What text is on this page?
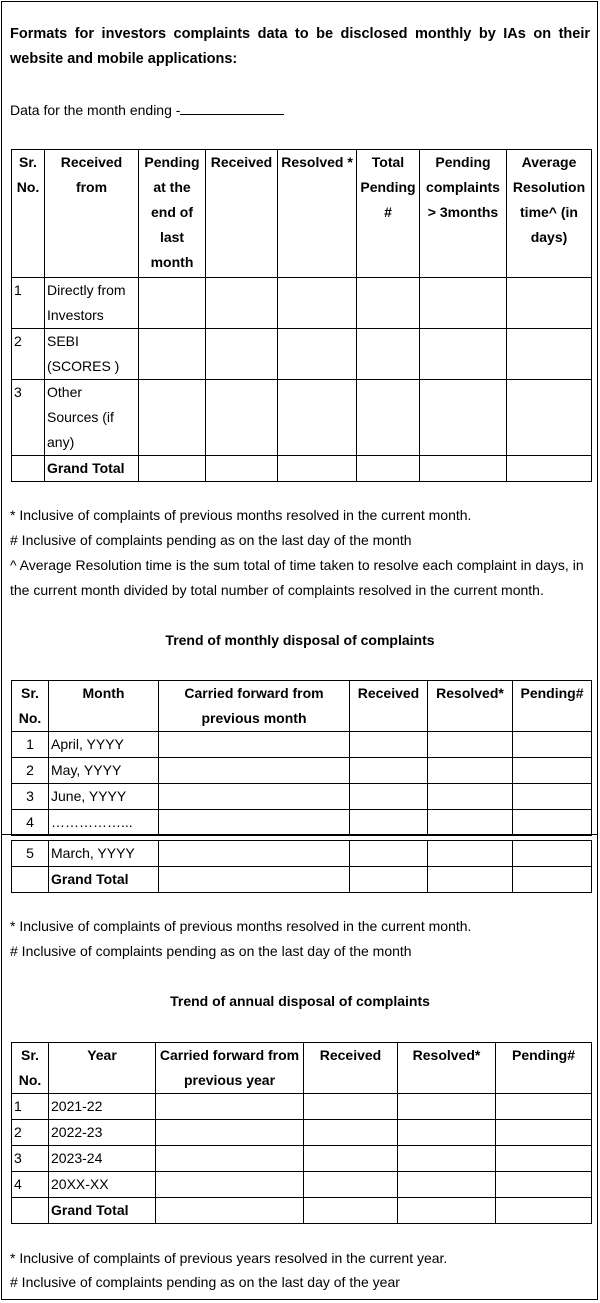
Formats for investors complaints data to be disclosed monthly by IAs on their website and mobile applications:
Data for the month ending -
Sr. No.	Received from	Pending at the end of last month	Received	Resolved *	Total Pending #	Pending complaints > 3months	Average Resolution time^ (in days)
1	Directly from Investors						
2	SEBI (SCORES )						
3	Other Sources (if any)						
	Grand Total						
* Inclusive of complaints of previous months resolved in the current month.
# Inclusive of complaints pending as on the last day of the month
^ Average Resolution time is the sum total of time taken to resolve each complaint in days, in the current month divided by total number of complaints resolved in the current month.
Trend of monthly disposal of complaints
Sr. No.	Month	Carried forward from previous month	Received	Resolved*	Pending#
1	April, YYYY				
2	May, YYYY				
3	June, YYYY				
4	……………...				
5	March, YYYY				
	Grand Total				
* Inclusive of complaints of previous months resolved in the current month.
# Inclusive of complaints pending as on the last day of the month
Trend of annual disposal of complaints
Sr. No.	Year	Carried forward from previous year	Received	Resolved*	Pending#
1	2021-22				
2	2022-23				
3	2023-24				
4	20XX-XX				
	Grand Total				
* Inclusive of complaints of previous years resolved in the current year.
# Inclusive of complaints pending as on the last day of the year
